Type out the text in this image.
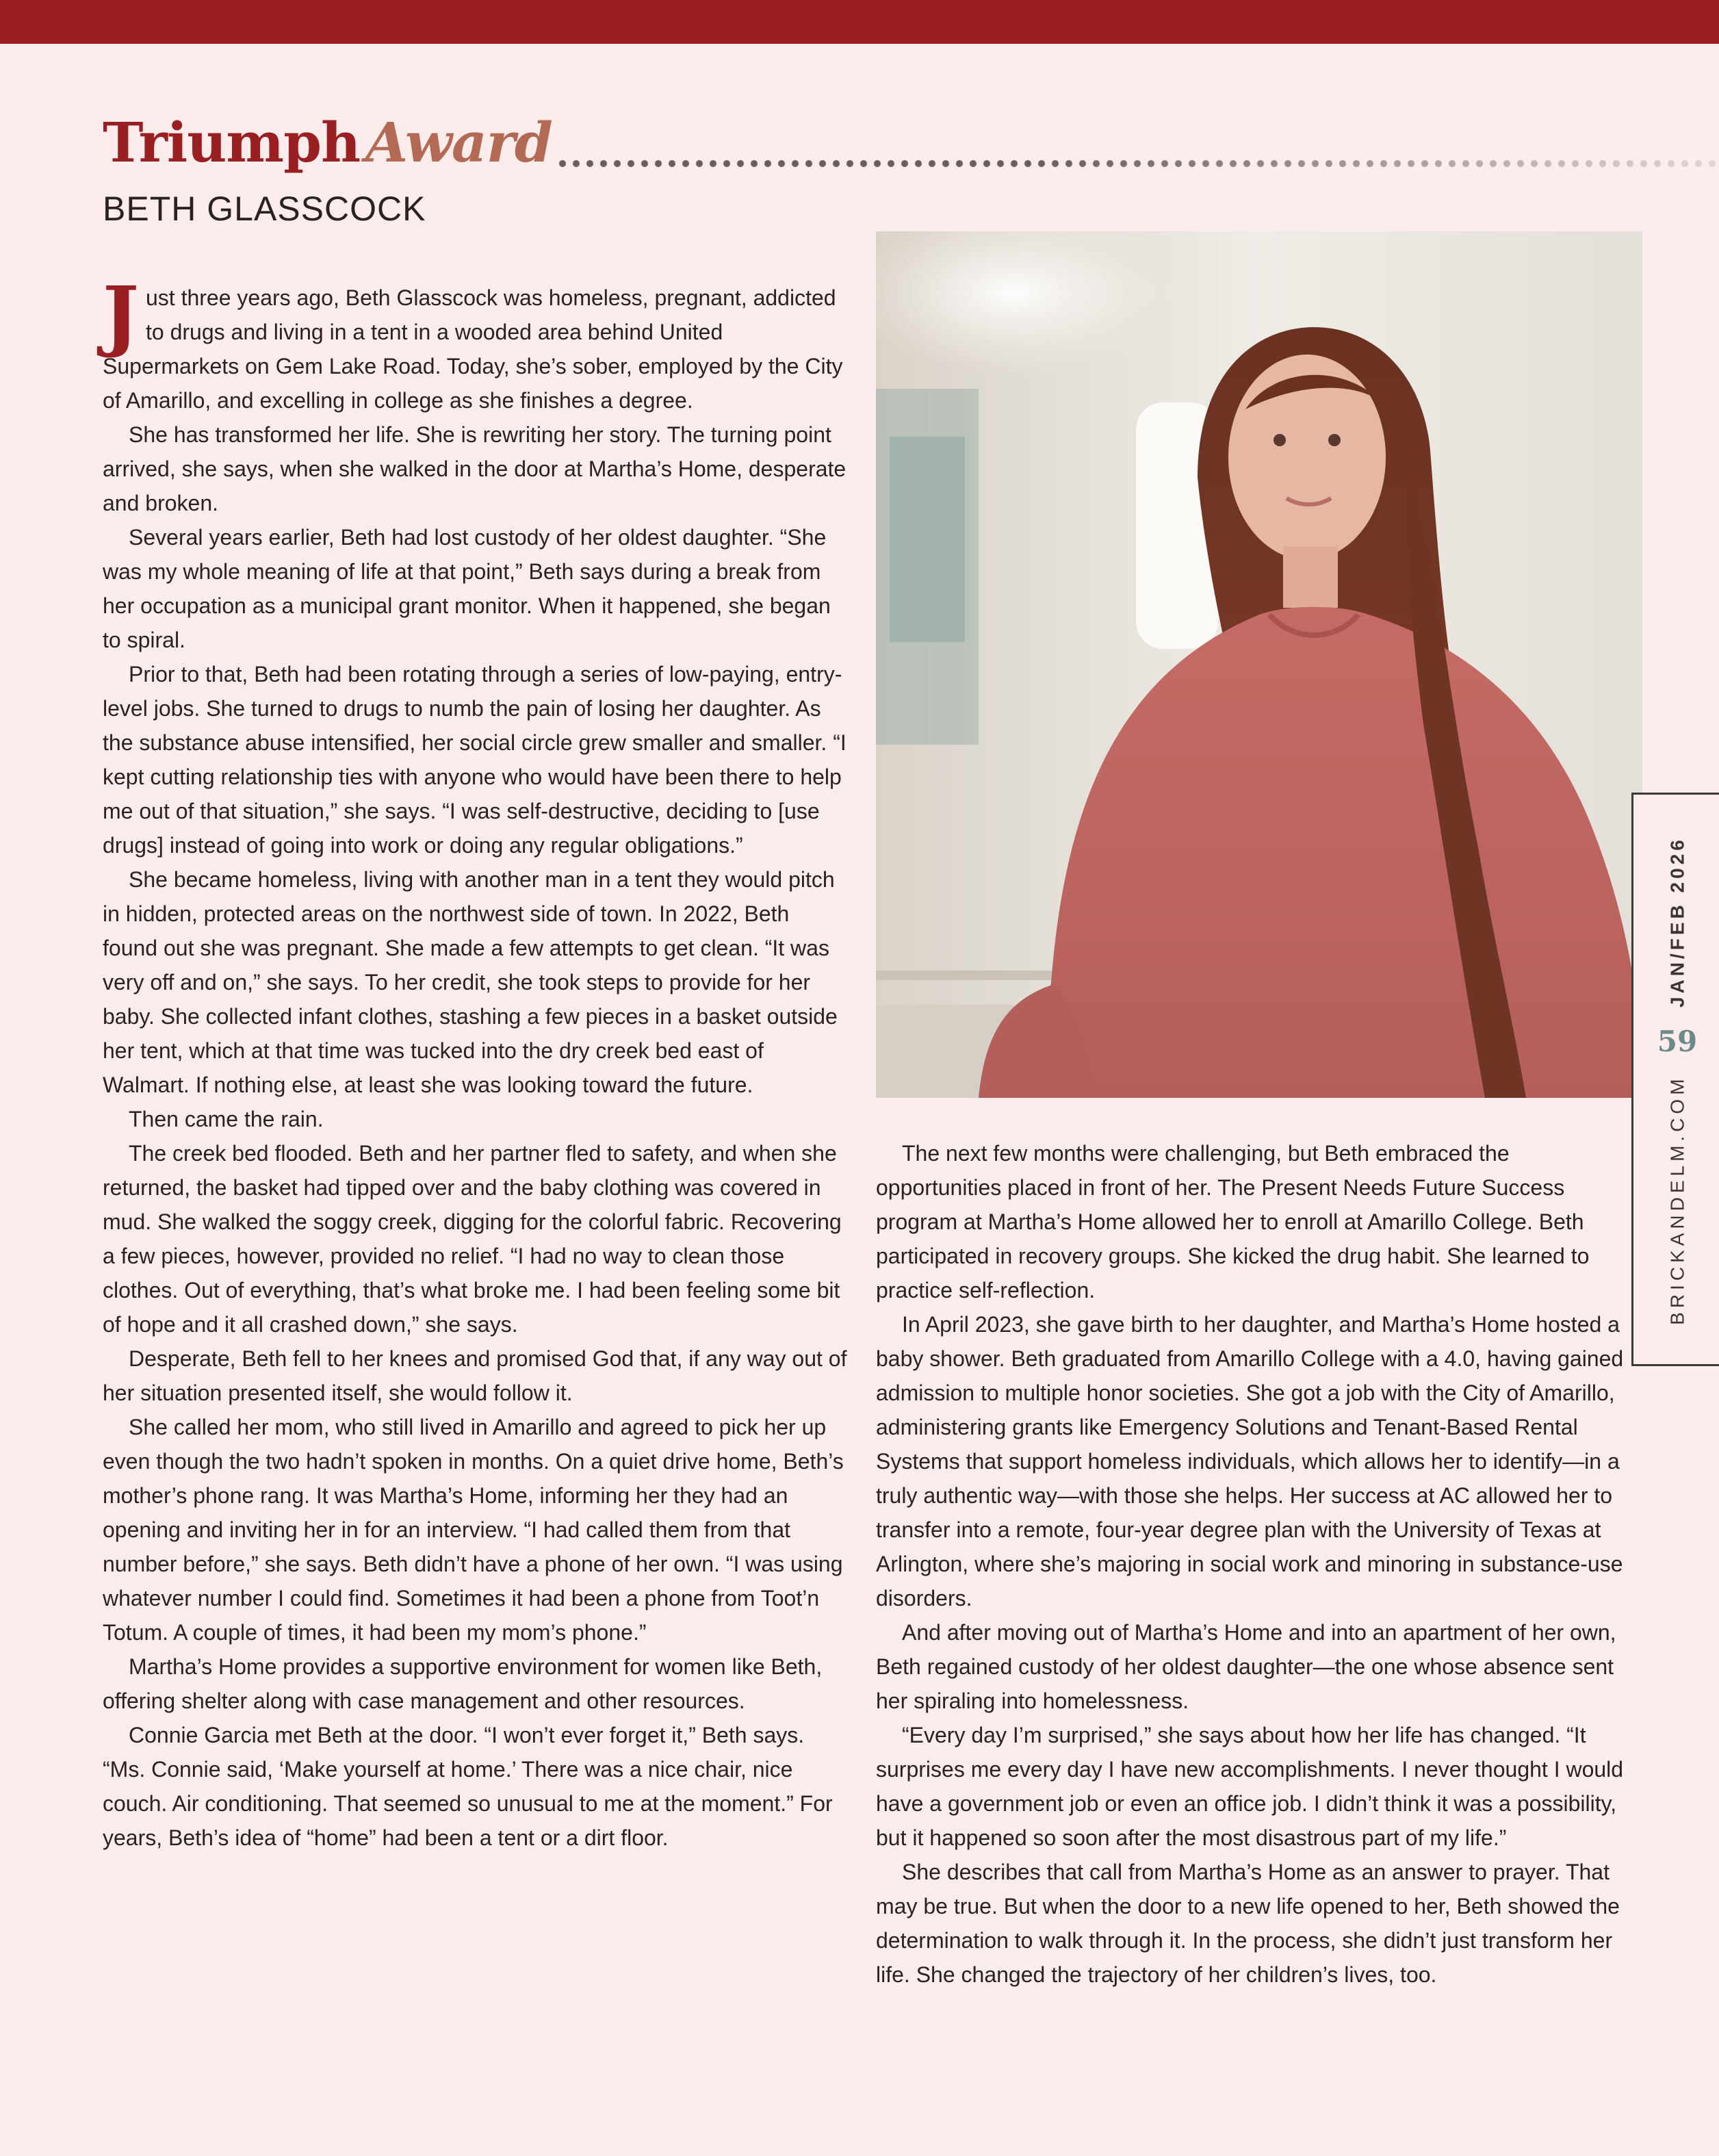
Triumph Award
BETH GLASSCOCK

Just three years ago, Beth Glasscock was homeless, pregnant, addicted to drugs and living in a tent in a wooded area behind United Supermarkets on Gem Lake Road. Today, she’s sober, employed by the City of Amarillo, and excelling in college as she finishes a degree.

She has transformed her life. She is rewriting her story. The turning point arrived, she says, when she walked in the door at Martha’s Home, desperate and broken.

Several years earlier, Beth had lost custody of her oldest daughter. “She was my whole meaning of life at that point,” Beth says during a break from her occupation as a municipal grant monitor. When it happened, she began to spiral.

Prior to that, Beth had been rotating through a series of low-paying, entry-level jobs. She turned to drugs to numb the pain of losing her daughter. As the substance abuse intensified, her social circle grew smaller and smaller. “I kept cutting relationship ties with anyone who would have been there to help me out of that situation,” she says. “I was self-destructive, deciding to [use drugs] instead of going into work or doing any regular obligations.”

She became homeless, living with another man in a tent they would pitch in hidden, protected areas on the northwest side of town. In 2022, Beth found out she was pregnant. She made a few attempts to get clean. “It was very off and on,” she says. To her credit, she took steps to provide for her baby. She collected infant clothes, stashing a few pieces in a basket outside her tent, which at that time was tucked into the dry creek bed east of Walmart. If nothing else, at least she was looking toward the future.

Then came the rain.

The creek bed flooded. Beth and her partner fled to safety, and when she returned, the basket had tipped over and the baby clothing was covered in mud. She walked the soggy creek, digging for the colorful fabric. Recovering a few pieces, however, provided no relief. “I had no way to clean those clothes. Out of everything, that’s what broke me. I had been feeling some bit of hope and it all crashed down,” she says.

Desperate, Beth fell to her knees and promised God that, if any way out of her situation presented itself, she would follow it.

She called her mom, who still lived in Amarillo and agreed to pick her up even though the two hadn’t spoken in months. On a quiet drive home, Beth’s mother’s phone rang. It was Martha’s Home, informing her they had an opening and inviting her in for an interview. “I had called them from that number before,” she says. Beth didn’t have a phone of her own. “I was using whatever number I could find. Sometimes it had been a phone from Toot’n Totum. A couple of times, it had been my mom’s phone.”

Martha’s Home provides a supportive environment for women like Beth, offering shelter along with case management and other resources.

Connie Garcia met Beth at the door. “I won’t ever forget it,” Beth says. “Ms. Connie said, ‘Make yourself at home.’ There was a nice chair, nice couch. Air conditioning. That seemed so unusual to me at the moment.” For years, Beth’s idea of “home” had been a tent or a dirt floor.

The next few months were challenging, but Beth embraced the opportunities placed in front of her. The Present Needs Future Success program at Martha’s Home allowed her to enroll at Amarillo College. Beth participated in recovery groups. She kicked the drug habit. She learned to practice self-reflection.

In April 2023, she gave birth to her daughter, and Martha’s Home hosted a baby shower. Beth graduated from Amarillo College with a 4.0, having gained admission to multiple honor societies. She got a job with the City of Amarillo, administering grants like Emergency Solutions and Tenant-Based Rental Systems that support homeless individuals, which allows her to identify—in a truly authentic way—with those she helps. Her success at AC allowed her to transfer into a remote, four-year degree plan with the University of Texas at Arlington, where she’s majoring in social work and minoring in substance-use disorders.

And after moving out of Martha’s Home and into an apartment of her own, Beth regained custody of her oldest daughter—the one whose absence sent her spiraling into homelessness.

“Every day I’m surprised,” she says about how her life has changed. “It surprises me every day I have new accomplishments. I never thought I would have a government job or even an office job. I didn’t think it was a possibility, but it happened so soon after the most disastrous part of my life.”

She describes that call from Martha’s Home as an answer to prayer. That may be true. But when the door to a new life opened to her, Beth showed the determination to walk through it. In the process, she didn’t just transform her life. She changed the trajectory of her children’s lives, too.

BRICKANDELM.COM
59
JAN/FEB 2026
